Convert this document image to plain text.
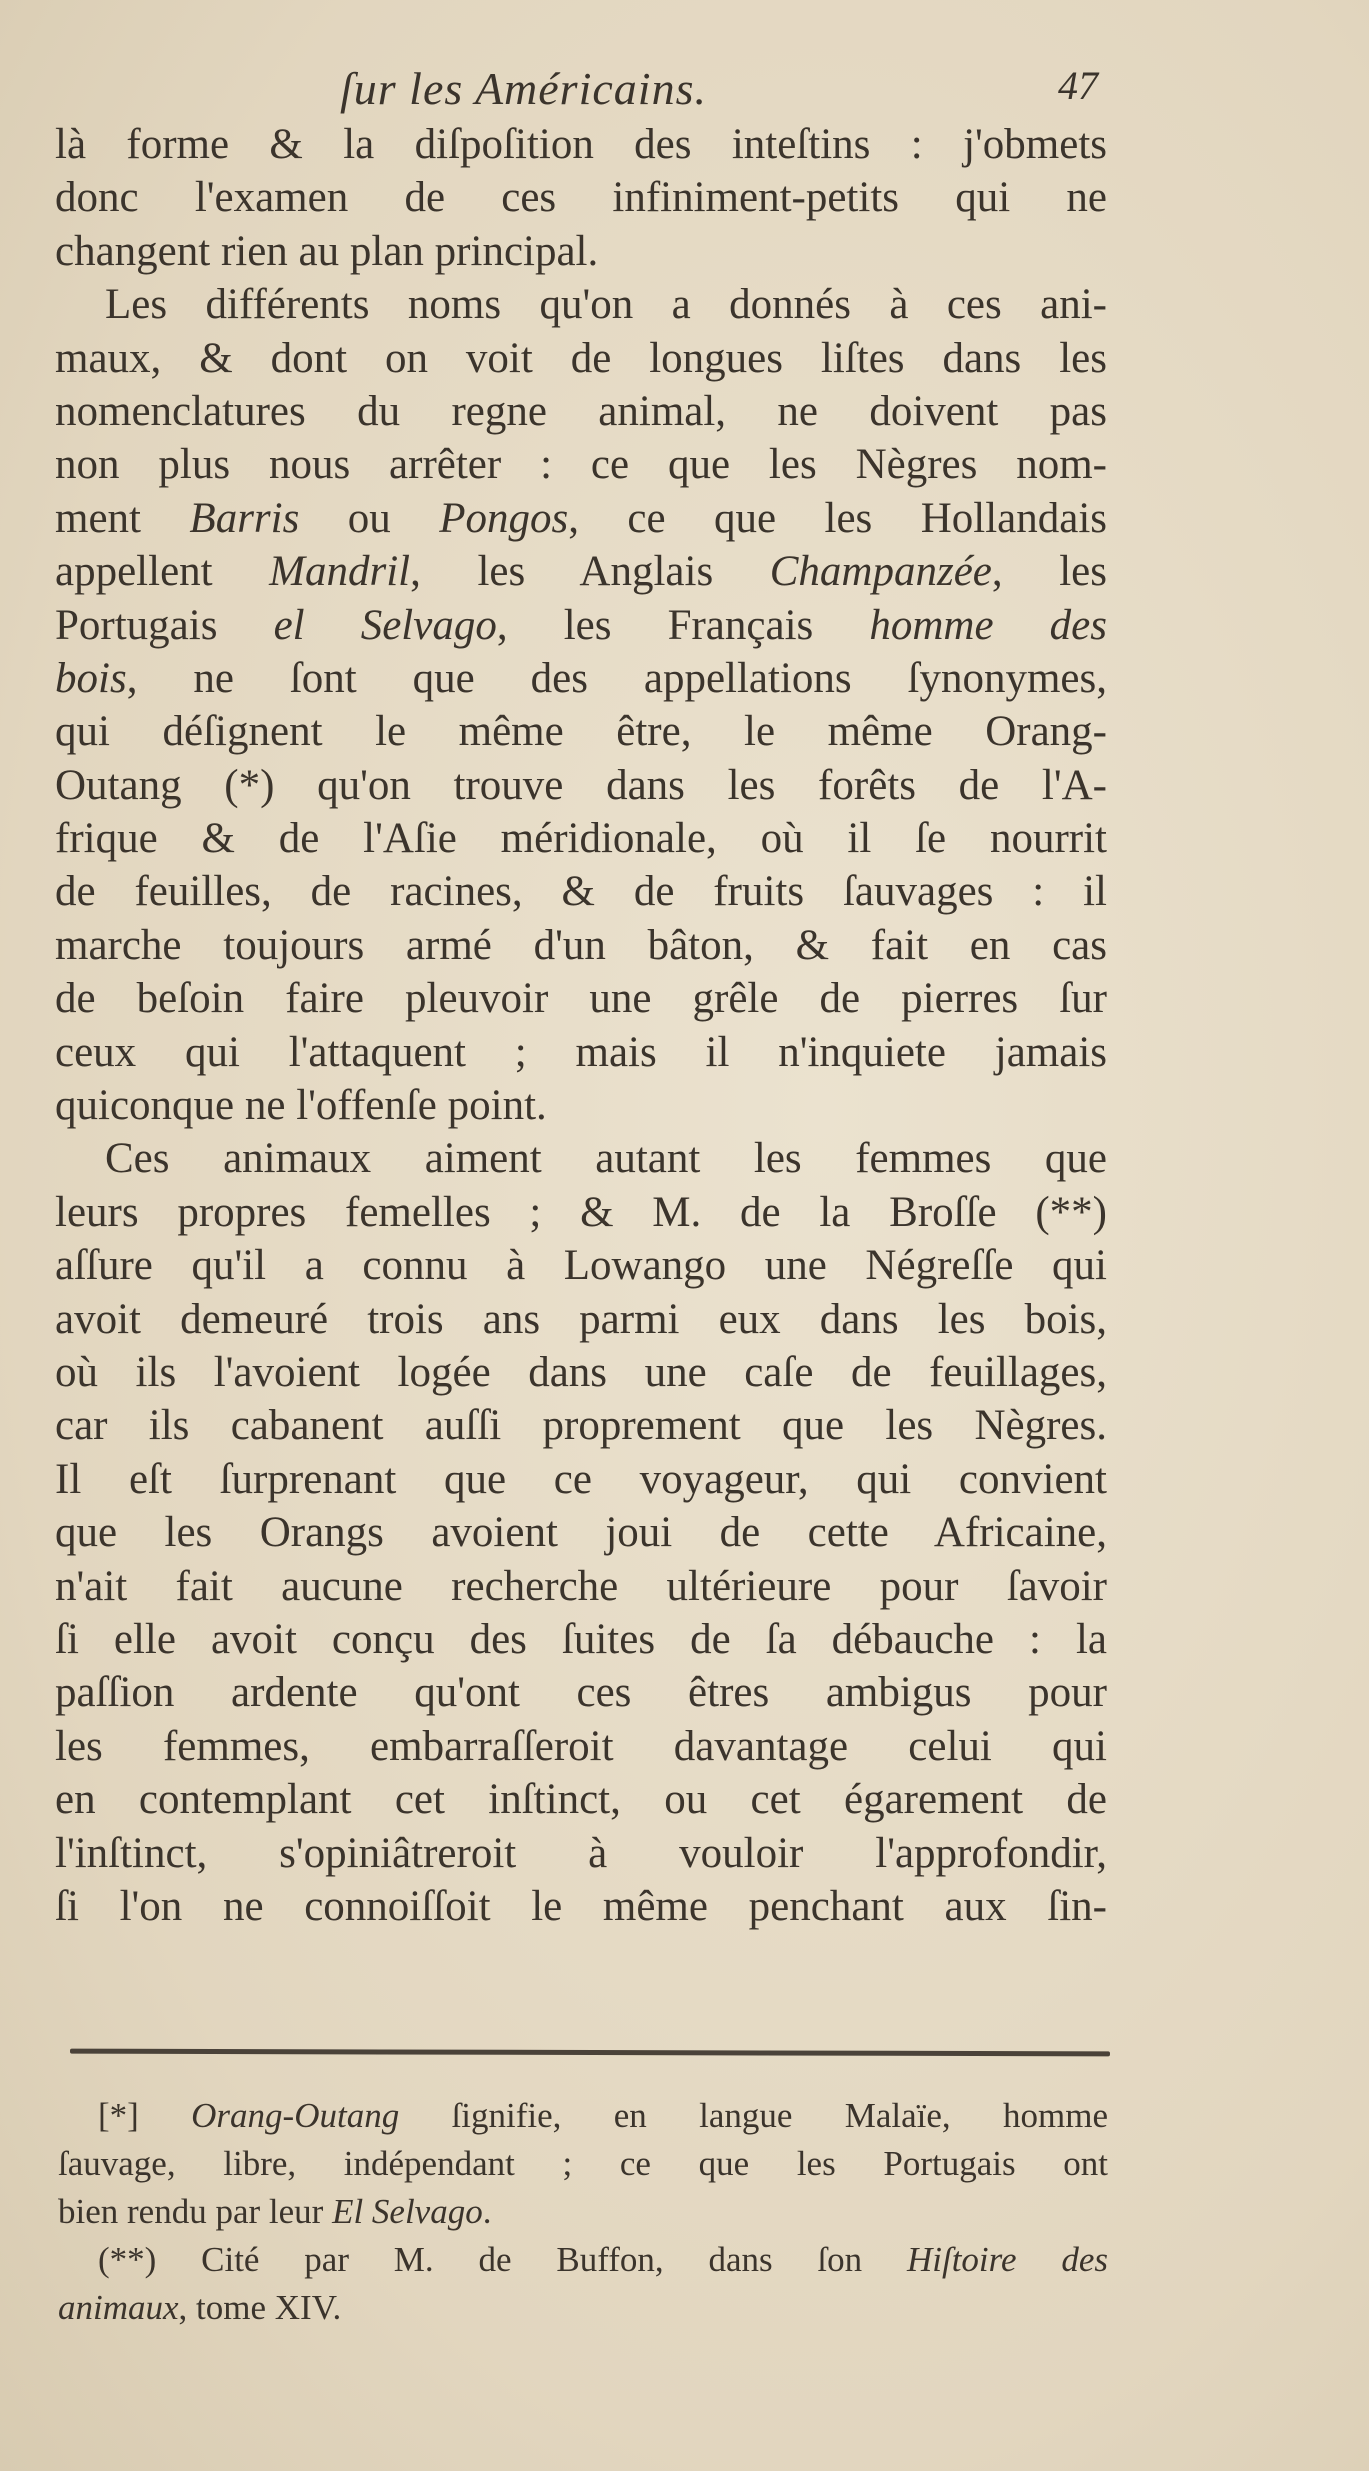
ſur les Américains.	47
là forme & la diſpoſition des inteſtins : j'obmets
donc l'examen de ces infiniment-petits qui ne
changent rien au plan principal.
Les différents noms qu'on a donnés à ces ani-
maux, & dont on voit de longues liſtes dans les
nomenclatures du regne animal, ne doivent pas
non plus nous arrêter : ce que les Nègres nom-
ment Barris ou Pongos, ce que les Hollandais
appellent Mandril, les Anglais Champanzée, les
Portugais el Selvago, les Français homme des
bois, ne ſont que des appellations ſynonymes,
qui déſignent le même être, le même Orang-
Outang (*) qu'on trouve dans les forêts de l'A-
frique & de l'Aſie méridionale, où il ſe nourrit
de feuilles, de racines, & de fruits ſauvages : il
marche toujours armé d'un bâton, & fait en cas
de beſoin faire pleuvoir une grêle de pierres ſur
ceux qui l'attaquent ; mais il n'inquiete jamais
quiconque ne l'offenſe point.
Ces animaux aiment autant les femmes que
leurs propres femelles ; & M. de la Broſſe (**)
aſſure qu'il a connu à Lowango une Négreſſe qui
avoit demeuré trois ans parmi eux dans les bois,
où ils l'avoient logée dans une caſe de feuillages,
car ils cabanent auſſi proprement que les Nègres.
Il eſt ſurprenant que ce voyageur, qui convient
que les Orangs avoient joui de cette Africaine,
n'ait fait aucune recherche ultérieure pour ſavoir
ſi elle avoit conçu des ſuites de ſa débauche : la
paſſion ardente qu'ont ces êtres ambigus pour
les femmes, embarraſſeroit davantage celui qui
en contemplant cet inſtinct, ou cet égarement de
l'inſtinct, s'opiniâtreroit à vouloir l'approfondir,
ſi l'on ne connoiſſoit le même penchant aux ſin-
[*] Orang-Outang ſignifie, en langue Malaïe, homme
ſauvage, libre, indépendant ; ce que les Portugais ont
bien rendu par leur El Selvago.
(**) Cité par M. de Buffon, dans ſon Hiſtoire des
animaux, tome XIV.
